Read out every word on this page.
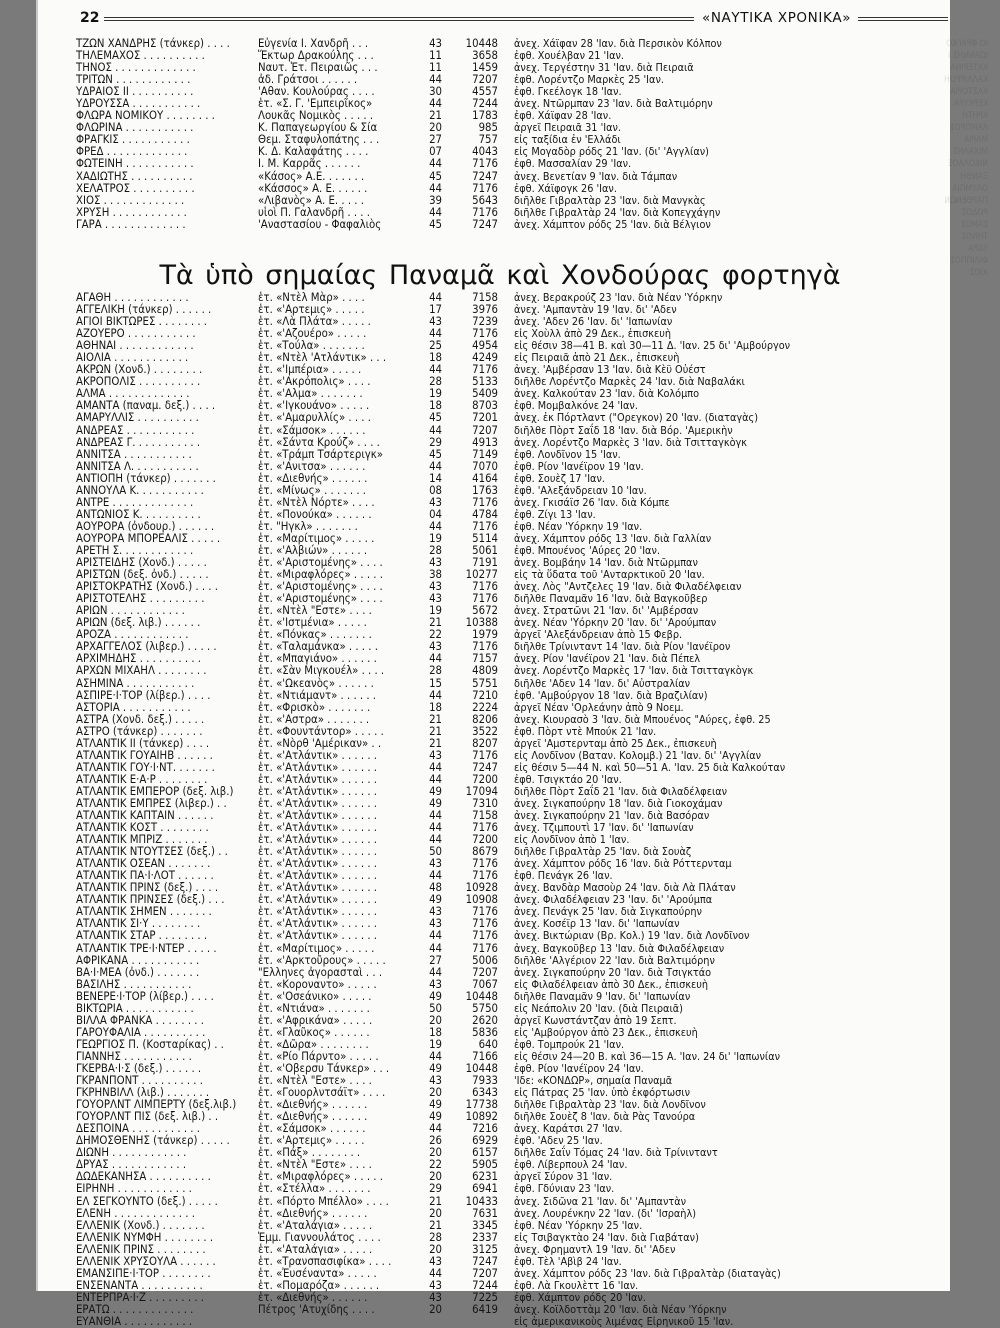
ΙΟ ΦΡΑΓΚΟ
ΙΩΑΝΝΗΣ Ι
ΚΑΤΕΡΙΝΑ
ΚΑΛΛΙΡΡΟΗ
ΚΑΣΤΟΡΙΑ
ΚΕΡΚΥΡΑ
ΚΡΗΤΗ
ΛΑΜΠΡΟΣ
ΜΑΡΙΑ
ΜΙΧΑΛΗΣ
ΝΙΚΟΛΑΟΣ
ΞΑΝΘΗ
ΟΛΥΜΠΙΑ
ΠΑΡΘΕΝΩΝ
ΡΟΔΟΣ
ΣΑΜΟΣ
ΤΗΝΟΣ
ΥΔΡΑ
ΦΙΛΙΠΠΟΣ
ΧΙΟΣ
22	«ΝΑΥΤΙΚΑ ΧΡΟΝΙΚΑ»
ΤΖΩΝ ΧΑΝΔΡΗΣ (τάνκερ) . . . .	Εὐγενία Ι. Χανδρῆ . . .	43	10448 ἀνεχ. Χάϊφαν 28 'Ιαν. διὰ Περσικὸν Κόλπον
ΤΗΛΕΜΑΧΟΣ . . . . . . . . . .	Ἕκτωρ Δρακούλης . . .	11	3658 ἐφθ. Χουέλβαν 21 'Ιαν.
ΤΗΝΟΣ . . . . . . . . . . . . .	Ναυτ. Ἑτ. Πειραιῶς . . .	11	1459 ἀνεχ. Τεργέστην 31 'Ιαν. διὰ Πειραιᾶ
ΤΡΙΤΩΝ . . . . . . . . . . . .	ἀδ. Γράτσοι . . . . . .	44	7207 ἐφθ. Λορέντζο Μαρκὲς 25 'Ιαν.
ΥΔΡΑΙΟΣ ΙΙ . . . . . . . . . .	'Αθαν. Κουλούρας . . . .	30	4557 ἐφθ. Γκεέλογκ 18 'Ιαν.
ΥΔΡΟΥΣΣΑ . . . . . . . . . . .	ἑτ. «Σ. Γ. 'Εμπειρῖκος»	44	7244 ἀνεχ. Ντῶρμπαν 23 'Ιαν. διὰ Βαλτιμόρην
ΦΛΩΡΑ ΝΟΜΙΚΟΥ . . . . . . . .	Λουκᾶς Νομικὸς . . . . .	21	1783 ἐφθ. Χάϊφαν 28 'Ιαν.
ΦΛΩΡΙΝΑ . . . . . . . . . . .	Κ. Παπαγεωργίου & Σία	20	985 ἀργεῖ Πειραιᾶ 31 'Ιαν.
ΦΡΑΓΚΙΣ . . . . . . . . . . .	Θεμ. Σταφυλοπάτης . . .	27	757 εἰς ταξίδια ἐν 'Ελλάδι
ΦΡΕΔ . . . . . . . . . . . . .	Κ. Δ. Καλαφάτης . . . .	07	4043 εἰς Μογαδὸρ ρόδς 21 'Ιαν. (δι' 'Αγγλίαν)
ΦΩΤΕΙΝΗ . . . . . . . . . . .	Ι. Μ. Καρρᾶς . . . . . .	44	7176 ἐφθ. Μασσαλίαν 29 'Ιαν.
ΧΑΔΙΩΤΗΣ . . . . . . . . . .	«Κάσος» Α.Ε. . . . . . .	45	7247 ἀνεχ. Βενετίαν 9 'Ιαν. διὰ Τάμπαν
ΧΕΛΑΤΡΟΣ . . . . . . . . . .	«Κάσσος» Α. Ε. . . . . .	44	7176 ἐφθ. Χάϊφογκ 26 'Ιαν.
ΧΙΟΣ . . . . . . . . . . . . .	«Λιβανὸς» Α. Ε. . . . .	39	5643 διῆλθε Γιβραλτὰρ 23 'Ιαν. διὰ Μανγκὰς
ΧΡΥΣΗ . . . . . . . . . . . .	υἱοὶ Π. Γαλανδρῆ . . . .	44	7176 διῆλθε Γιβραλτὰρ 24 'Ιαν. διὰ Κοπεγχάγην
ΓΑΡΑ . . . . . . . . . . . . .	'Αναστασίου - Φαφαλιὸς	45	7247 ἀνεχ. Χάμπτον ρόδς 25 'Ιαν. διὰ Βέλγιον
Τὰ ὑπὸ σημαίας Παναμᾶ καὶ Χονδούρας φορτηγὰ
ΑΓΑΘΗ . . . . . . . . . . . .	ἑτ. «Ντὲλ Μὰρ» . . . .	44	7158 ἀνεχ. Βερακρούζ 23 'Ιαν. διὰ Νέαν 'Υόρκην
ΑΓΓΕΛΙΚΗ (τάνκερ) . . . . . .	ἑτ. «'Αρτεμις» . . . . .	17	3976 ἀνεχ. 'Αμπαντὰν 19 'Ιαν. δι' 'Αδεν
ΑΓΙΟΙ ΒΙΚΤΩΡΕΣ . . . . . . . .	ἑτ. «Λὰ Πλάτα» . . . . .	43	7239 ἀνεχ. 'Αδεν 26 'Ιαν. δι' 'Ιαπωνίαν
ΑΖΟΥΕΡΟ . . . . . . . . . . .	ἑτ. «'Αζουέρο» . . . . .	44	7176 εἰς Χοὺλλ ἀπὸ 29 Δεκ., ἐπισκευὴ
ΑΘΗΝΑΙ . . . . . . . . . . . .	ἑτ. «Τούλα» . . . . . . .	25	4954 εἰς θέσιν 38—41 Β. καὶ 30—11 Δ. 'Ιαν. 25 δι' 'Αμβούργον
ΑΙΟΛΙΑ . . . . . . . . . . . .	ἑτ. «Ντὲλ 'Ατλάντικ» . . .	18	4249 εἰς Πειραιᾶ ἀπὸ 21 Δεκ., ἐπισκευὴ
ΑΚΡΩΝ (Χονδ.) . . . . . . . .	ἑτ. «'Ιμπέρια» . . . . .	44	7176 ἀνεχ. 'Αμβέρσαν 13 'Ιαν. διὰ Κὲϋ Οὐέστ
ΑΚΡΟΠΟΛΙΣ . . . . . . . . . .	ἑτ. «'Ακρόπολις» . . . .	28	5133 διῆλθε Λορέντζο Μαρκὲς 24 'Ιαν. διὰ Ναβαλάκι
ΑΛΜΑ . . . . . . . . . . . . .	ἑτ. «'Αλμα» . . . . . . .	19	5409 ἀνεχ. Καλκούταν 23 'Ιαν. διὰ Κολόμπο
ΑΜΑΝΤΑ (παναμ. δεξ.) . . . .	ἑτ. «'Ιγκουάνο» . . . . .	18	8703 ἐφθ. Μομβαλκόνε 24 'Ιαν.
ΑΜΑΡΥΛΛΙΣ . . . . . . . . . .	ἑτ. «'Αμαρυλλίς» . . . .	45	7201 ἀνεχ. ἐκ Πόρτλαντ ("Ορεγκον) 20 'Ιαν. (διαταγὰς)
ΑΝΔΡΕΑΣ . . . . . . . . . . .	ἑτ. «Σάμσοκ» . . . . . .	44	7207 διῆλθε Πὸρτ Σαΐδ 18 'Ιαν. διὰ Βόρ. 'Αμερικὴν
ΑΝΔΡΕΑΣ Γ. . . . . . . . . . .	ἑτ. «Σάντα Κρούζ» . . . .	29	4913 ἀνεχ. Λορέντζο Μαρκὲς 3 'Ιαν. διὰ Τσιτταγκὸγκ
ΑΝΝΙΤΣΑ . . . . . . . . . . .	ἑτ. «Τράμπ Τσάρτεριγκ»	45	7149 ἐφθ. Λονδῖνον 15 'Ιαν.
ΑΝΝΙΤΣΑ Λ. . . . . . . . . . .	ἑτ. «'Ανιτσα» . . . . . .	44	7070 ἐφθ. Ρίον 'Ιανέϊρον 19 'Ιαν.
ΑΝΤΙΟΠΗ (τάνκερ) . . . . . . .	ἑτ. «Διεθνής» . . . . . .	14	4164 ἐφθ. Σουὲζ 17 'Ιαν.
ΑΝΝΟΥΛΑ Κ. . . . . . . . . . .	ἑτ. «Μίνως» . . . . . . .	08	1763 ἐφθ. 'Αλεξάνδρειαν 10 'Ιαν.
ΑΝΤΡΕ . . . . . . . . . . . . .	ἑτ. «Ντὲλ Νόρτε» . . . .	43	7176 ἀνεχ. Γκισάϊσ 26 'Ιαν. διὰ Κόμπε
ΑΝΤΩΝΙΟΣ Κ. . . . . . . . . .	ἑτ. «Πονούκα» . . . . . .	04	4784 ἐφθ. Ζίγι 13 'Ιαν.
ΑΟΥΡΟΡΑ (ὀνδουρ.) . . . . . .	ἑτ. "Ηγκλ» . . . . . . .	44	7176 ἐφθ. Νέαν 'Υόρκην 19 'Ιαν.
ΑΟΥΡΟΡΑ ΜΠΟΡΕΑΛΙΣ . . . . .	ἑτ. «Μαρίτιμος» . . . . .	19	5114 ἀνεχ. Χάμπτον ρόδς 13 'Ιαν. διὰ Γαλλίαν
ΑΡΕΤΗ Σ. . . . . . . . . . . .	ἑτ. «'Αλβιών» . . . . . .	28	5061 ἐφθ. Μπουένος 'Αύρες 20 'Ιαν.
ΑΡΙΣΤΕΙΔΗΣ (Χονδ.) . . . . .	ἑτ. «'Αριστομένης» . . . .	43	7191 ἀνεχ. Βομβάην 14 'Ιαν. διὰ Ντῶρμπαν
ΑΡΙΣΤΩΝ (δεξ. ὀνδ.) . . . . .	ἑτ. «Μιραφλόρες» . . . . .	38	10277 εἰς τὰ ὕδατα τοῦ 'Ανταρκτικοῦ 20 'Ιαν.
ΑΡΙΣΤΟΚΡΑΤΗΣ (Χονδ.) . . . .	ἑτ. «'Αριστομένης» . . . .	43	7176 ἀνεχ. Λὸς "Αντζελες 19 'Ιαν. διὰ Φιλαδέλφειαν
ΑΡΙΣΤΟΤΕΛΗΣ . . . . . . . . .	ἑτ. «'Αριστομένης» . . . .	43	7176 διῆλθε Παναμᾶν 16 'Ιαν. διὰ Βαγκοῦβερ
ΑΡΙΩΝ . . . . . . . . . . . .	ἑτ. «Ντὲλ "Εστε» . . . .	19	5672 ἀνεχ. Στρατῶνι 21 'Ιαν. δι' 'Αμβέρσαν
ΑΡΙΩΝ (δεξ. λιβ.) . . . . . .	ἑτ. «'Ιστμένια» . . . . .	21	10388 ἀνεχ. Νέαν 'Υόρκην 20 'Ιαν. δι' 'Αρούμπαν
ΑΡΟΖΑ . . . . . . . . . . . .	ἑτ. «Πόνκας» . . . . . . .	22	1979 ἀργεῖ 'Αλεξάνδρειαν ἀπὸ 15 Φεβρ.
ΑΡΧΑΓΓΕΛΟΣ (λιβερ.) . . . . .	ἑτ. «Ταλαμάνκα» . . . . .	43	7176 διῆλθε Τρίνινταντ 14 'Ιαν. διὰ Ρίον 'Ιανέϊρον
ΑΡΧΙΜΗΔΗΣ . . . . . . . . . .	ἑτ. «Μπαγιάνο» . . . . . .	44	7157 ἀνεχ. Ρίον 'Ιανέϊρον 21 'Ιαν. διὰ Πέπελ
ΑΡΧΩΝ ΜΙΧΑΗΛ . . . . . . . .	ἑτ. «Σὰν Μιγκουέλ» . . . .	28	4809 ἀνεχ. Λορέντζο Μαρκὲς 17 'Ιαν. διὰ Τσιτταγκὸγκ
ΑΣΗΜΙΝΑ . . . . . . . . . . .	ἑτ. «'Ωκεανὸς» . . . . . .	15	5751 διῆλθε 'Αδεν 14 'Ιαν. δι' Αὐστραλίαν
ΑΣΠΙΡΕ·Ι·ΤΟΡ (λίβερ.) . . . .	ἑτ. «Ντιάμαντ» . . . . . .	44	7210 ἐφθ. 'Αμβούργον 18 'Ιαν. διὰ Βραζιλίαν)
ΑΣΤΟΡΙΑ . . . . . . . . . . .	ἑτ. «Φρισκὸ» . . . . . . .	18	2224 ἀργεῖ Νέαν 'Ορλεάνην ἀπὸ 9 Νοεμ.
ΑΣΤΡΑ (Χονδ. δεξ.) . . . . .	ἑτ. «'Αστρα» . . . . . . .	21	8206 ἀνεχ. Κιουρασὸ 3 'Ιαν. διὰ Μπουένος "Αύρες, ἐφθ. 25
ΑΣΤΡΟ (τάνκερ) . . . . . . .	ἑτ. «Φουντάντορ» . . . . .	21	3522 ἐφθ. Πὸρτ ντὲ Μπούκ 21 'Ιαν.
ΑΤΛΑΝΤΙΚ ΙΙ (τάνκερ) . . . .	ἑτ. «Νὸρθ 'Αμέρικαν» . .	21	8207 ἀργεῖ 'Αμστερνταμ ἀπὸ 25 Δεκ., ἐπισκευὴ
ΑΤΛΑΝΤΙΚ ΓΟΥΑΙΗΒ . . . . . .	ἑτ. «'Ατλάντικ» . . . . . .	43	7176 εἰς Λονδῖνον (Βαταν. Κολομβ.) 21 'Ιαν. δι' 'Αγγλίαν
ΑΤΛΑΝΤΙΚ ΓΟΥ·Ι·ΝΤ. . . . . . .	ἑτ. «'Ατλάντικ» . . . . . .	44	7247 εἰς θέσιν 5—44 Ν. καὶ 50—51 Α. 'Ιαν. 25 διὰ Καλκούταν
ΑΤΛΑΝΤΙΚ Ε·Α·Ρ . . . . . . . .	ἑτ. «'Ατλάντικ» . . . . . .	44	7200 ἐφθ. Τσιγκτάο 20 'Ιαν.
ΑΤΛΑΝΤΙΚ ΕΜΠΕΡΟΡ (δεξ. λιβ.)	ἑτ. «'Ατλάντικ» . . . . . .	49	17094 διῆλθε Πὸρτ Σαΐδ 21 'Ιαν. διὰ Φιλαδέλφειαν
ΑΤΛΑΝΤΙΚ ΕΜΠΡΕΣ (λιβερ.) . .	ἑτ. «'Ατλάντικ» . . . . . .	49	7310 ἀνεχ. Σιγκαπούρην 18 'Ιαν. διὰ Γιοκοχάμαν
ΑΤΛΑΝΤΙΚ ΚΑΠΤΑΙΝ . . . . . .	ἑτ. «'Ατλάντικ» . . . . . .	44	7158 ἀνεχ. Σιγκαπούρην 21 'Ιαν. διὰ Βασόραν
ΑΤΛΑΝΤΙΚ ΚΟΣΤ . . . . . . . .	ἑτ. «'Ατλάντικ» . . . . . .	44	7176 ἀνεχ. Τζιμπουτὶ 17 'Ιαν. δι' 'Ιαπωνίαν
ΑΤΛΑΝΤΙΚ ΜΠΡΙΖ . . . . . . .	ἑτ. «'Ατλάντικ» . . . . . .	44	7200 εἰς Λονδῖνον ἀπὸ 1 'Ιαν.
ΑΤΛΑΝΤΙΚ ΝΤΟΥΤΣΕΣ (δεξ.) . .	ἑτ. «'Ατλάντικ» . . . . . .	50	8679 διῆλθε Γιβραλτὰρ 25 'Ιαν. διὰ Σουὰζ
ΑΤΛΑΝΤΙΚ ΟΣΕΑΝ . . . . . . .	ἑτ. «'Ατλάντικ» . . . . . .	43	7176 ἀνεχ. Χάμπτον ρόδς 16 'Ιαν. διὰ Ρόττερνταμ
ΑΤΛΑΝΤΙΚ ΠΑ·Ι·ΛΟΤ . . . . . .	ἑτ. «'Ατλάντικ» . . . . . .	44	7176 ἐφθ. Πενάγκ 26 'Ιαν.
ΑΤΛΑΝΤΙΚ ΠΡΙΝΣ (δεξ.) . . . .	ἑτ. «'Ατλάντικ» . . . . . .	48	10928 ἀνεχ. Βανδὰρ Μασοὺρ 24 'Ιαν. διὰ Λὰ Πλάταν
ΑΤΛΑΝΤΙΚ ΠΡΙΝΣΕΣ (δεξ.) . . .	ἑτ. «'Ατλάντικ» . . . . . .	49	10908 ἀνεχ. Φιλαδέλφειαν 23 'Ιαν. δι' 'Αρούμπα
ΑΤΛΑΝΤΙΚ ΣΗΜΕΝ . . . . . . .	ἑτ. «'Ατλάντικ» . . . . . .	43	7176 ἀνεχ. Πενάγκ 25 'Ιαν. διὰ Σιγκαπούρην
ΑΤΛΑΝΤΙΚ ΣΙ·Υ . . . . . . . .	ἑτ. «'Ατλάντικ» . . . . . .	43	7176 ἀνεχ. Κοσέϊρ 13 'Ιαν. δι' 'Ιαπωνίαν
ΑΤΛΑΝΤΙΚ ΣΤΑΡ . . . . . . . .	ἑτ. «'Ατλάντικ» . . . . . .	44	7176 ἀνεχ. Βικτώριαν (Βρ. Κολ.) 19 'Ιαν. διὰ Λονδῖνον
ΑΤΛΑΝΤΙΚ ΤΡΕ·Ι·ΝΤΕΡ . . . . .	ἑτ. «Μαρίτιμος» . . . . .	44	7176 ἀνεχ. Βαγκοῦβερ 13 'Ιαν. διὰ Φιλαδέλφειαν
ΑΦΡΙΚΑΝΑ . . . . . . . . . . .	ἑτ. «'Αρκτοῦρους» . . . . .	27	5006 διῆλθε 'Αλγέριον 22 'Ιαν. διὰ Βαλτιμόρην
ΒΑ·Ι·ΜΕΑ (ὀνδ.) . . . . . . .	"Ελληνες ἀγορασταὶ . . .	44	7207 ἀνεχ. Σιγκαπούρην 20 'Ιαν. διὰ Τσιγκτάο
ΒΑΣΙΛΗΣ . . . . . . . . . . .	ἑτ. «Κοροναντο» . . . . .	43	7067 εἰς Φιλαδέλφειαν ἀπὸ 30 Δεκ., ἐπισκευὴ
ΒΕΝΕΡΕ·Ι·ΤΟΡ (λίβερ.) . . . .	ἑτ. «'Οσεάνικο» . . . . .	49	10448 διῆλθε Παναμᾶν 9 'Ιαν. δι' 'Ιαπωνίαν
ΒΙΚΤΩΡΙΑ . . . . . . . . . . .	ἑτ. «Ντιάνα» . . . . . . .	50	5750 εἰς Νεάπολιν 20 'Ιαν. (διὰ Πειραιᾶ)
ΒΙΛΛΑ ΦΡΑΝΚΑ . . . . . . . .	ἑτ. «'Αφρικάνα» . . . . .	20	2620 ἀργεῖ Κωνστάντζαν ἀπὸ 19 Σεπτ.
ΓΑΡΟΥΦΑΛΙΑ . . . . . . . . . .	ἑτ. «Γλαῦκος» . . . . . .	18	5836 εἰς 'Αμβούργον ἀπὸ 23 Δεκ., ἐπισκευὴ
ΓΕΩΡΓΙΟΣ Π. (Κοσταρίκας) . .	ἑτ. «Δῶρα» . . . . . . . .	19	640 ἐφθ. Τομπρούκ 21 'Ιαν.
ΓΙΑΝΝΗΣ . . . . . . . . . . .	ἑτ. «Ρίο Πάρντο» . . . . .	44	7166 εἰς θέσιν 24—20 Β. καὶ 36—15 Α. 'Ιαν. 24 δι' 'Ιαπωνίαν
ΓΚΕΡΒΑ·Ι·Σ (δεξ.) . . . . . .	ἑτ. «'Οβερσυ Τάνκερ» . . .	49	10448 ἐφθ. Ρίον 'Ιανέϊρον 24 'Ιαν.
ΓΚΡΑΝΠΟΝΤ . . . . . . . . . .	ἑτ. «Ντὲλ "Εστε» . . . .	43	7933 'Ιδε: «ΚΟΝΔΩΡ», σημαία Παναμᾶ
ΓΚΡΗΝΒΙΛΛ (λιβ.) . . . . . . .	ἑτ. «Γουορλντσάϊτ» . . . .	20	6343 εἰς Πάτρας 25 'Ιαν. ὑπὸ ἐκφόρτωσιν
ΓΟΥΟΡΛΝΤ ΛΙΜΠΕΡΤΥ (δεξ.λιβ.)	ἑτ. «Διεθνής» . . . . . .	49	17738 διῆλθε Γιβραλτὰρ 23 'Ιαν. διὰ Λονδῖνον
ΓΟΥΟΡΛΝΤ ΠΙΣ (δεξ. λιβ.) . .	ἑτ. «Διεθνής» . . . . . .	49	10892 διῆλθε Σουὲζ 8 'Ιαν. διὰ Ρὰς Τανούρα
ΔΕΣΠΟΙΝΑ . . . . . . . . . . .	ἑτ. «Σάμσοκ» . . . . . .	44	7216 ἀνεχ. Καράτσι 27 'Ιαν.
ΔΗΜΟΣΘΕΝΗΣ (τάνκερ) . . . . .	ἑτ. «'Αρτεμις» . . . . .	26	6929 ἐφθ. 'Αδεν 25 'Ιαν.
ΔΙΩΝΗ . . . . . . . . . . . .	ἑτ. «Πάξ» . . . . . . . .	20	6157 διῆλθε Σαΐν Τόμας 24 'Ιαν. διὰ Τρίνινταντ
ΔΡΥΑΣ . . . . . . . . . . . .	ἑτ. «Ντὲλ "Εστε» . . . .	22	5905 ἐφθ. Λίβερπουλ 24 'Ιαν.
ΔΩΔΕΚΑΝΗΣΑ . . . . . . . . . .	ἑτ. «Μιραφλόρες» . . . . .	20	6231 ἀργεῖ Σύρον 31 'Ιαν.
ΕΙΡΗΝΗ . . . . . . . . . . . .	ἑτ. «Στέλλα» . . . . . . .	29	6941 ἐφθ. Γδύνιαν 23 'Ιαν.
ΕΛ ΣΕΓΚΟΥΝΤΟ (δεξ.) . . . . .	ἑτ. «Πόρτο Μπέλλο» . . . .	21	10433 ἀνεχ. Σιδῶνα 21 'Ιαν. δι' 'Αμπαντὰν
ΕΛΕΝΗ . . . . . . . . . . . . .	ἑτ. «Διεθνής» . . . . . .	20	7631 ἀνεχ. Λουρένκην 22 'Ιαν. (δι' 'Ισραὴλ)
ΕΛΛΕΝΙΚ (Χονδ.) . . . . . . .	ἑτ. «'Αταλάγια» . . . . .	21	3345 ἐφθ. Νέαν 'Υόρκην 25 'Ιαν.
ΕΛΛΕΝΙΚ ΝΥΜΦΗ . . . . . . . .	Ἑμμ. Γιαννουλάτος . . . .	28	2337 εἰς Τσιβαγκτὰο 24 'Ιαν. διὰ Γιαβάταν)
ΕΛΛΕΝΙΚ ΠΡΙΝΣ . . . . . . . .	ἑτ. «'Αταλάγια» . . . . .	20	3125 ἀνεχ. Φρημαντλ 19 'Ιαν. δι' 'Αδεν
ΕΛΛΕΝΙΚ ΧΡΥΣΟΥΛΑ . . . . . .	ἑτ. «Τρανσπασιφίκα» . . . .	43	7247 ἐφθ. Τὲλ 'Αβὶβ 24 'Ιαν.
ΕΜΑΝΣΙΠΕ·Ι·ΤΟΡ . . . . . . . .	ἑτ. «Ἐυσέναντα» . . . . .	44	7207 ἀνεχ. Χάμπτον ρόδς 23 'Ιαν. διὰ Γιβραλτὰρ (διαταγὰς)
ΕΝΣΕΝΑΝΤΑ . . . . . . . . . .	ἑτ. «Πομαρόζα» . . . . . .	43	7244 ἐφθ. Λὰ Γκουλὲττ 16 'Ιαν.
ΕΝΤΕΡΠΡΑ·Ι·Ζ . . . . . . . . .	ἑτ. «Διεθνής» . . . . . .	43	7225 ἐφθ. Χάμπτον ρόδς 20 'Ιαν.
ΕΡΑΤΩ . . . . . . . . . . . . .	Πέτρος 'Ατυχίδης . . . .	20	6419 ἀνεχ. Κοϊλδοττὰμ 20 'Ιαν. διὰ Νέαν 'Υόρκην
ΕΥΑΝΘΙΑ . . . . . . . . . . .	εἰς ἀμερικανικοὺς λιμένας Εἰρηνικοῦ 15 'Ιαν.
